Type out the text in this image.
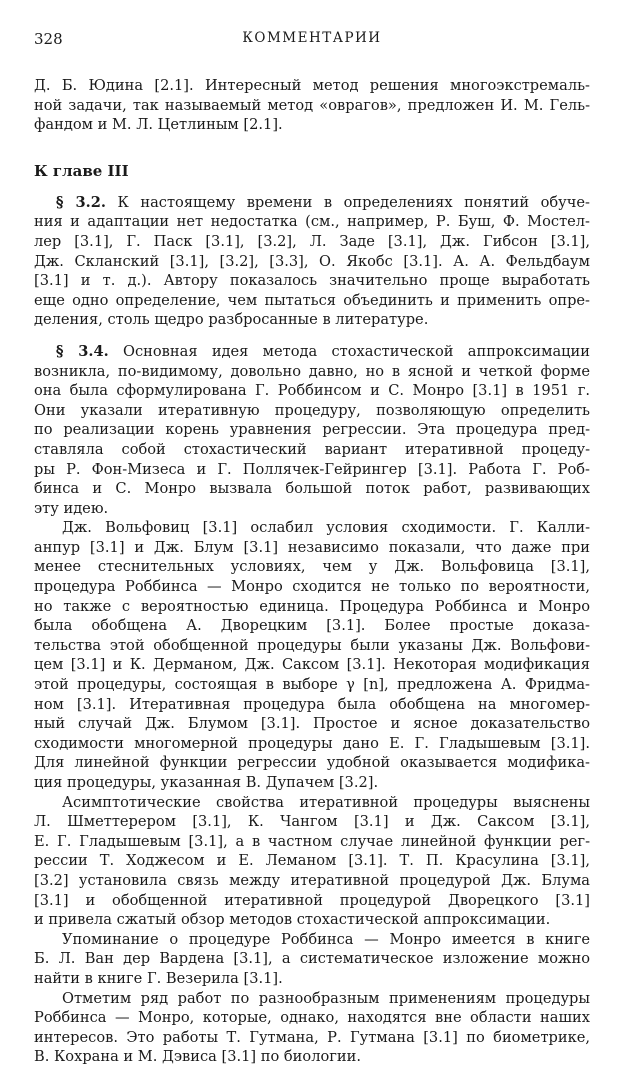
328	КОММЕНТАРИИ
Д. Б. Юдина [2.1]. Интересный метод решения многоэкстремаль-
ной задачи, так называемый метод «оврагов», предложен И. М. Гель-
фандом и М. Л. Цетлиным [2.1].
К главе III
  § 3.2. К настоящему времени в определениях понятий обуче-
ния и адаптации нет недостатка (см., например, Р. Буш, Ф. Мостел-
лер [3.1], Г. Паск [3.1], [3.2], Л. Заде [3.1], Дж. Гибсон [3.1],
Дж. Скланский [3.1], [3.2], [3.3], О. Якобс [3.1]. А. А. Фельдбаум
[3.1] и т. д.). Автору показалось значительно проще выработать
еще одно определение, чем пытаться объединить и применить опре-
деления, столь щедро разбросанные в литературе.
  § 3.4. Основная идея метода стохастической аппроксимации
возникла, по-видимому, довольно давно, но в ясной и четкой форме
она была сформулирована Г. Роббинсом и С. Монро [3.1] в 1951 г.
Они указали итеративную процедуру, позволяющую определить
по реализации корень уравнения регрессии. Эта процедура пред-
ставляла собой стохастический вариант итеративной процеду-
ры Р. Фон-Мизеса и Г. Поллячек-Гейрингер [3.1]. Работа Г. Роб-
бинса и С. Монро вызвала большой поток работ, развивающих
эту идею.
Дж. Вольфовиц [3.1] ослабил условия сходимости. Г. Калли-
анпур [3.1] и Дж. Блум [3.1] независимо показали, что даже при
менее стеснительных условиях, чем у Дж. Вольфовица [3.1],
процедура Роббинса — Монро сходится не только по вероятности,
но также с вероятностью единица. Процедура Роббинса и Монро
была обобщена А. Дворецким [3.1]. Более простые доказа-
тельства этой обобщенной процедуры были указаны Дж. Вольфови-
цем [3.1] и К. Дерманом, Дж. Саксом [3.1]. Некоторая модификация
этой процедуры, состоящая в выборе γ [n], предложена А. Фридма-
ном [3.1]. Итеративная процедура была обобщена на многомер-
ный случай Дж. Блумом [3.1]. Простое и ясное доказательство
сходимости многомерной процедуры дано Е. Г. Гладышевым [3.1].
Для линейной функции регрессии удобной оказывается модифика-
ция процедуры, указанная В. Дупачем [3.2].
Асимптотические свойства итеративной процедуры выяснены
Л. Шметтерером [3.1], К. Чангом [3.1] и Дж. Саксом [3.1],
Е. Г. Гладышевым [3.1], а в частном случае линейной функции рег-
рессии Т. Ходжесом и Е. Леманом [3.1]. Т. П. Красулина [3.1],
[3.2] установила связь между итеративной процедурой Дж. Блума
[3.1] и обобщенной итеративной процедурой Дворецкого [3.1]
и привела сжатый обзор методов стохастической аппроксимации.
Упоминание о процедуре Роббинса — Монро имеется в книге
Б. Л. Ван дер Вардена [3.1], а систематическое изложение можно
найти в книге Г. Везерила [3.1].
Отметим ряд работ по разнообразным применениям процедуры
Роббинса — Монро, которые, однако, находятся вне области наших
интересов. Это работы Т. Гутмана, Р. Гутмана [3.1] по биометрике,
В. Кохрана и М. Дэвиса [3.1] по биологии.
